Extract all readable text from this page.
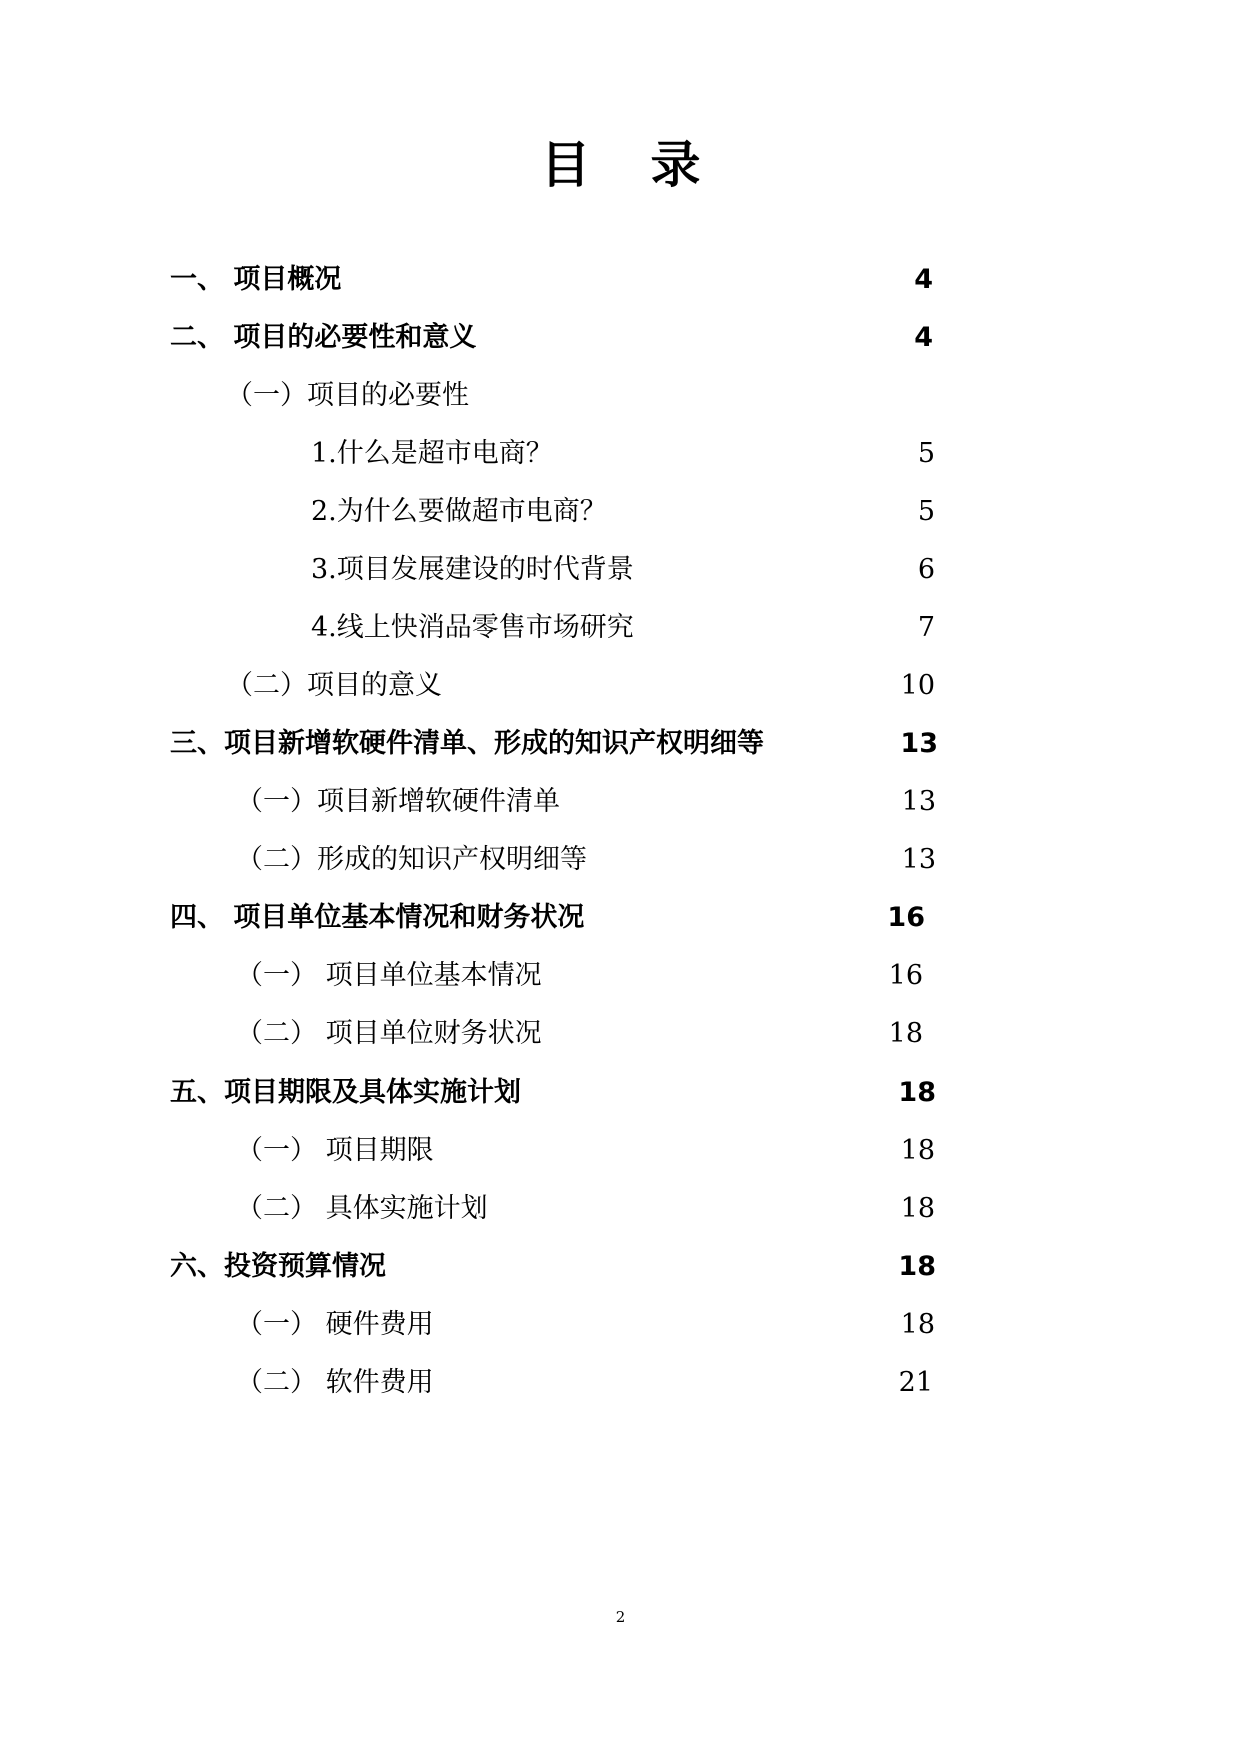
目 录
一、 项目概况	4
二、 项目的必要性和意义	4
（一）项目的必要性
1.什么是超市电商？	5
2.为什么要做超市电商？	5
3.项目发展建设的时代背景	6
4.线上快消品零售市场研究	7
（二）项目的意义	10
三、项目新增软硬件清单、形成的知识产权明细等	13
（一）项目新增软硬件清单	13
（二）形成的知识产权明细等	13
四、 项目单位基本情况和财务状况	16
（一） 项目单位基本情况	16
（二） 项目单位财务状况	18
五、项目期限及具体实施计划	18
（一） 项目期限	18
（二） 具体实施计划	18
六、投资预算情况	18
（一） 硬件费用	18
（二） 软件费用	21
2
